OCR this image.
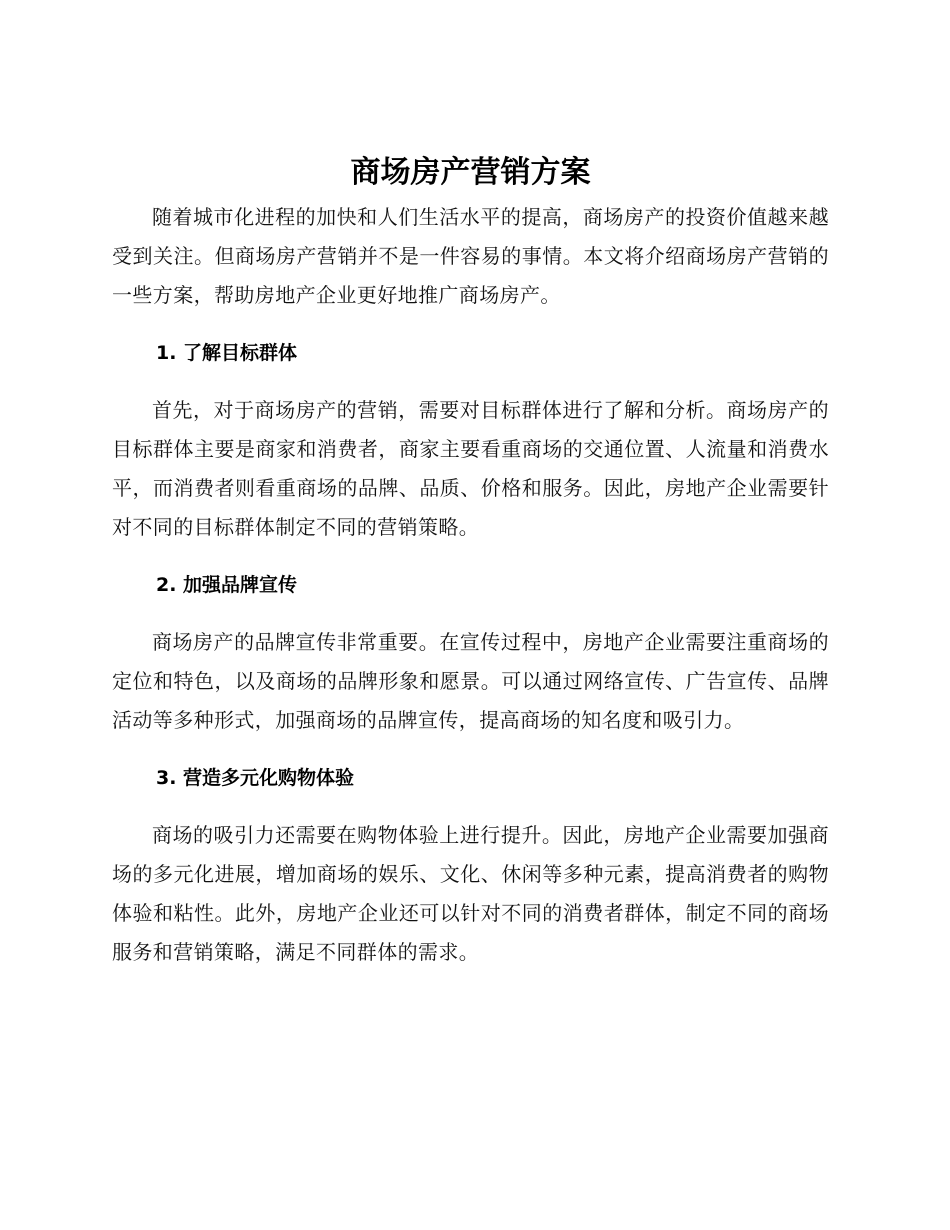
商场房产营销方案

随着城市化进程的加快和人们生活水平的提高，商场房产的投资价值越来越受到关注。但商场房产营销并不是一件容易的事情。本文将介绍商场房产营销的一些方案，帮助房地产企业更好地推广商场房产。

1. 了解目标群体

首先，对于商场房产的营销，需要对目标群体进行了解和分析。商场房产的目标群体主要是商家和消费者，商家主要看重商场的交通位置、人流量和消费水平，而消费者则看重商场的品牌、品质、价格和服务。因此，房地产企业需要针对不同的目标群体制定不同的营销策略。

2. 加强品牌宣传

商场房产的品牌宣传非常重要。在宣传过程中，房地产企业需要注重商场的定位和特色，以及商场的品牌形象和愿景。可以通过网络宣传、广告宣传、品牌活动等多种形式，加强商场的品牌宣传，提高商场的知名度和吸引力。

3. 营造多元化购物体验

商场的吸引力还需要在购物体验上进行提升。因此，房地产企业需要加强商场的多元化进展，增加商场的娱乐、文化、休闲等多种元素，提高消费者的购物体验和粘性。此外，房地产企业还可以针对不同的消费者群体，制定不同的商场服务和营销策略，满足不同群体的需求。
